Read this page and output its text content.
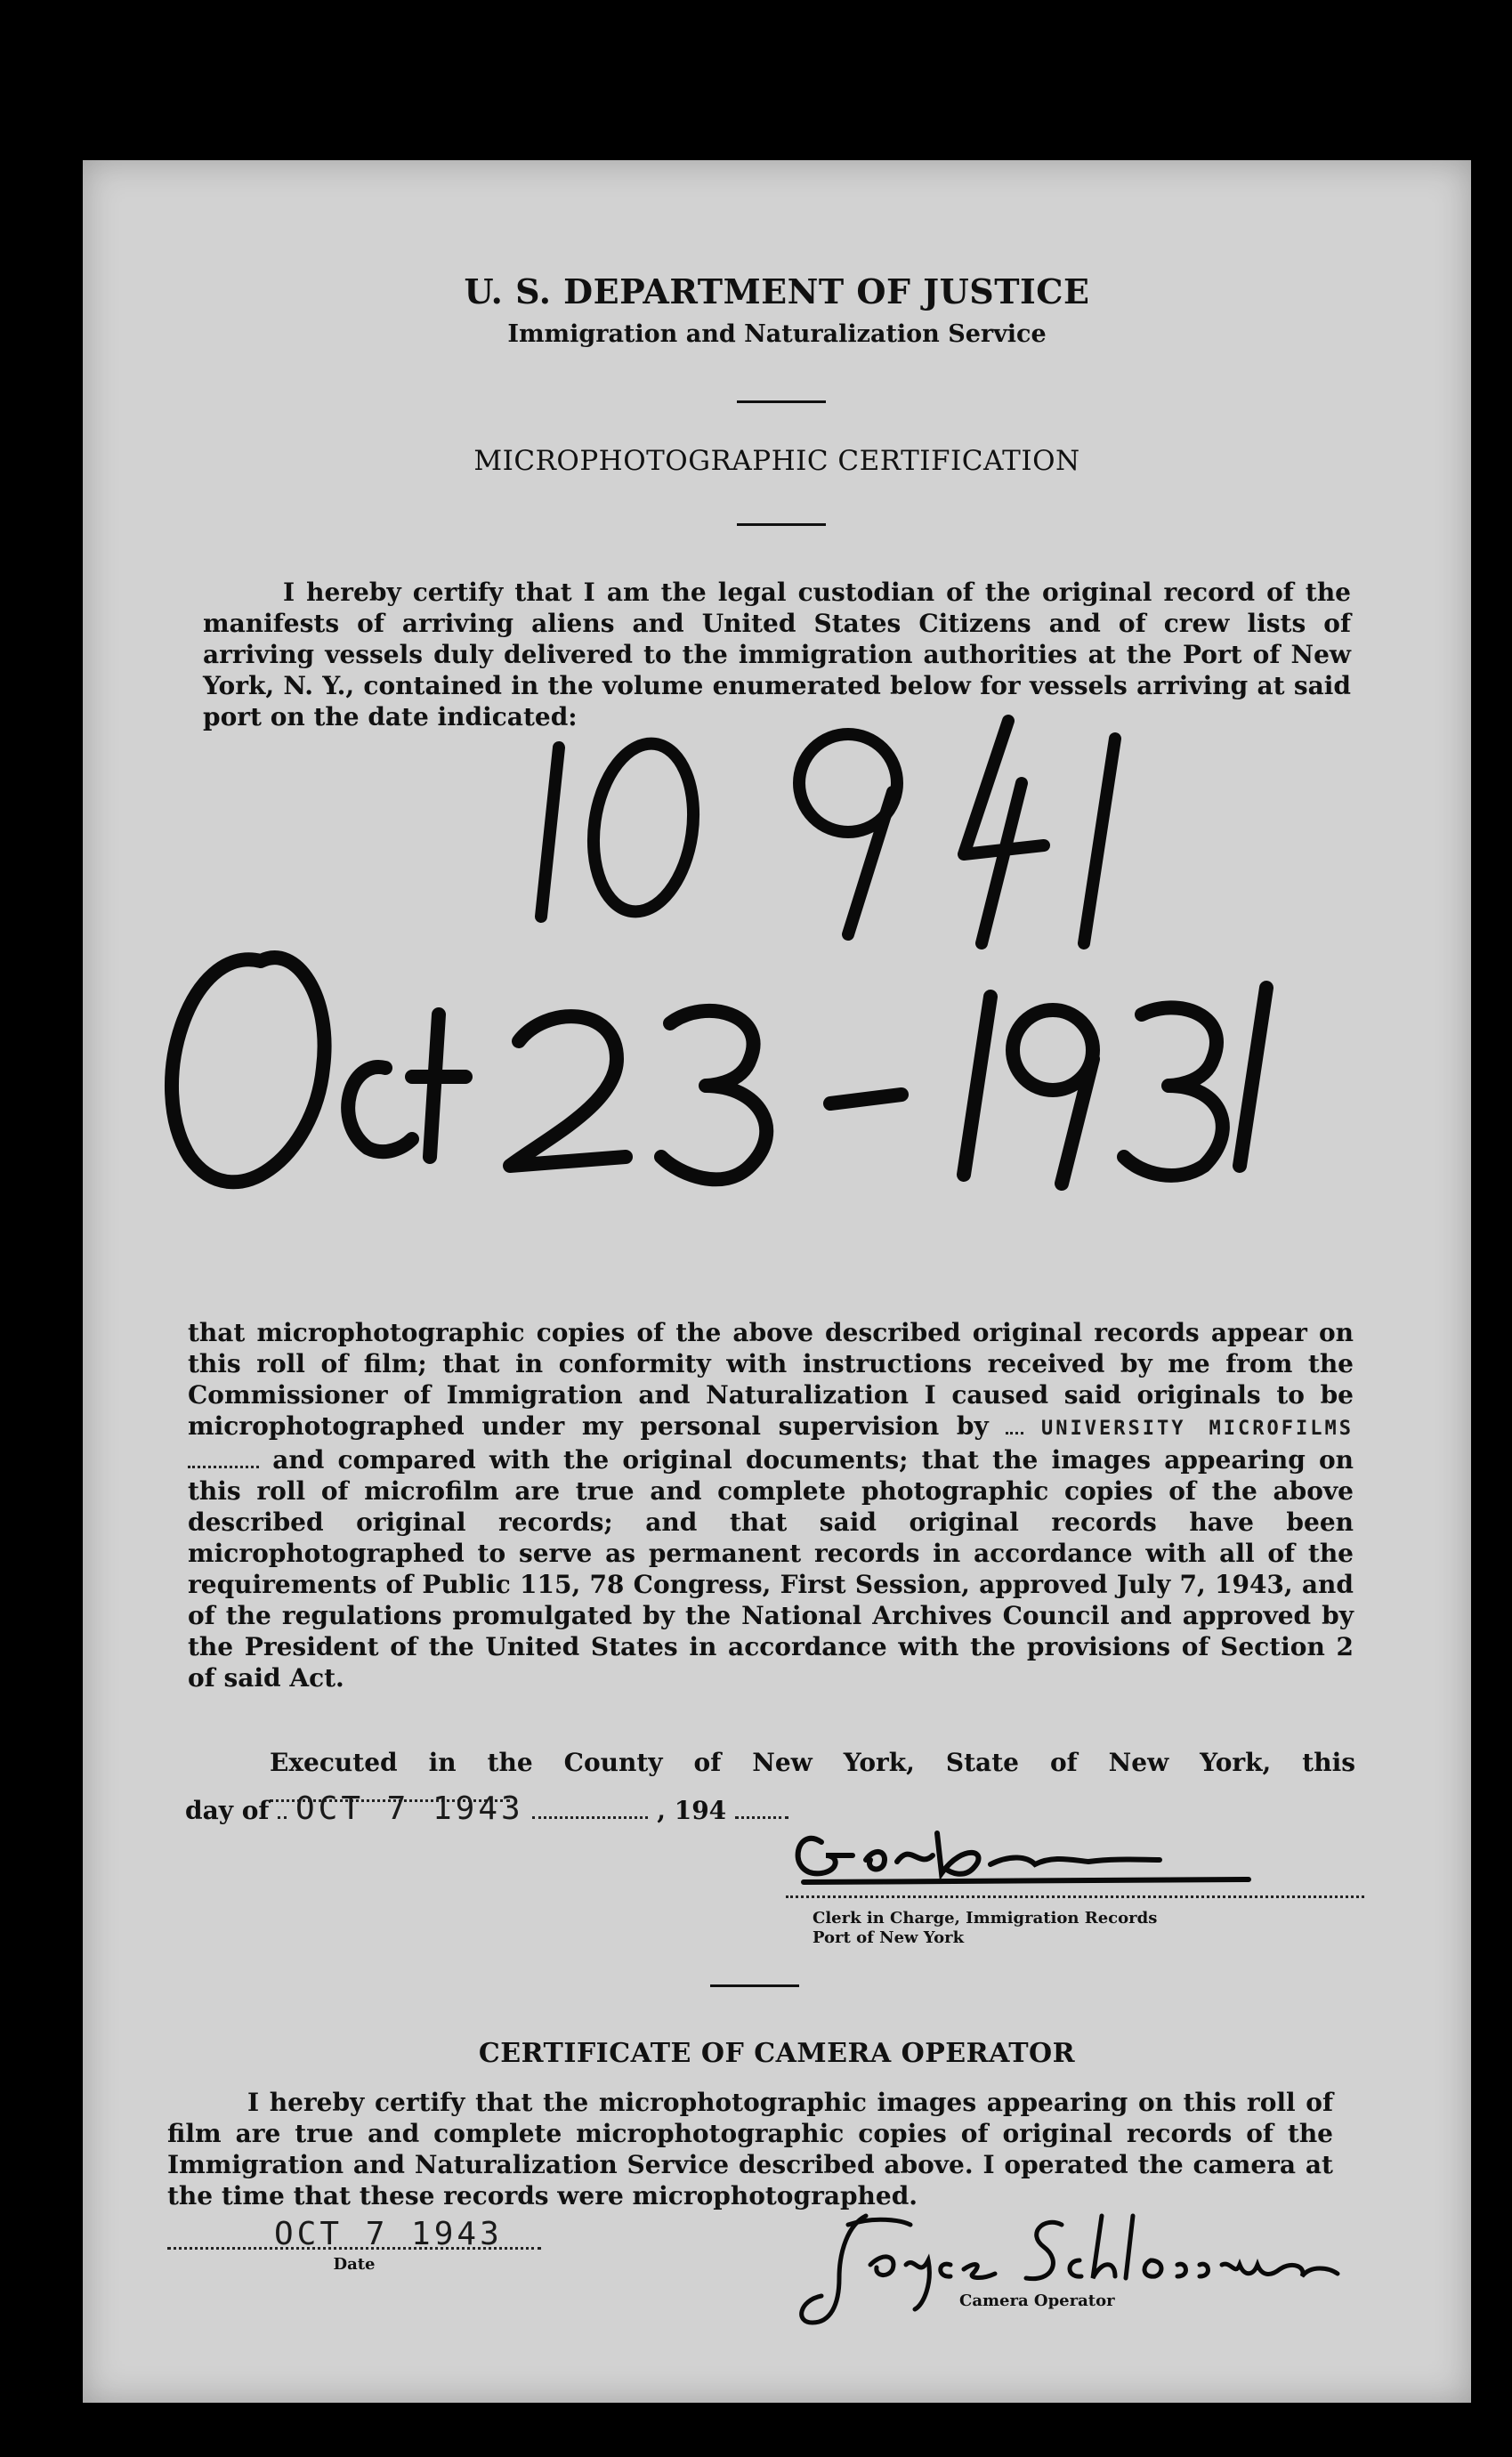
U. S. DEPARTMENT OF JUSTICE
Immigration and Naturalization Service
MICROPHOTOGRAPHIC CERTIFICATION
I hereby certify that I am the legal custodian of the original record of the manifests of arriving aliens and United States Citizens and of crew lists of arriving vessels duly delivered to the immigration authorities at the Port of New York, N. Y., contained in the volume enumerated below for vessels arriving at said port on the date indicated:
that microphotographic copies of the above described original records appear on this roll of film; that in conformity with instructions received by me from the Commissioner of Immigration and Naturalization I caused said originals to be microphotographed under my personal supervision by	UNIVERSITY MICROFILMS  and compared with the original documents; that the images appearing on this roll of microfilm are true and complete photographic copies of the above described original records; and that said original records have been microphotographed to serve as permanent records in accordance with all of the requirements of Public 115, 78 Congress, First Session, approved July 7, 1943, and of the regulations promulgated by the National Archives Council and approved by the President of the United States in accordance with the provisions of Section 2 of said Act.
Executed in the County of New York, State of New York, this
day of OCT 7 1943	, 194
Clerk in Charge, Immigration Records
Port of New York
CERTIFICATE OF CAMERA OPERATOR
I hereby certify that the microphotographic images appearing on this roll of film are true and complete microphotographic copies of original records of the Immigration and Naturalization Service described above. I operated the camera at the time that these records were microphotographed.
OCT 7 1943
Date
Camera Operator
